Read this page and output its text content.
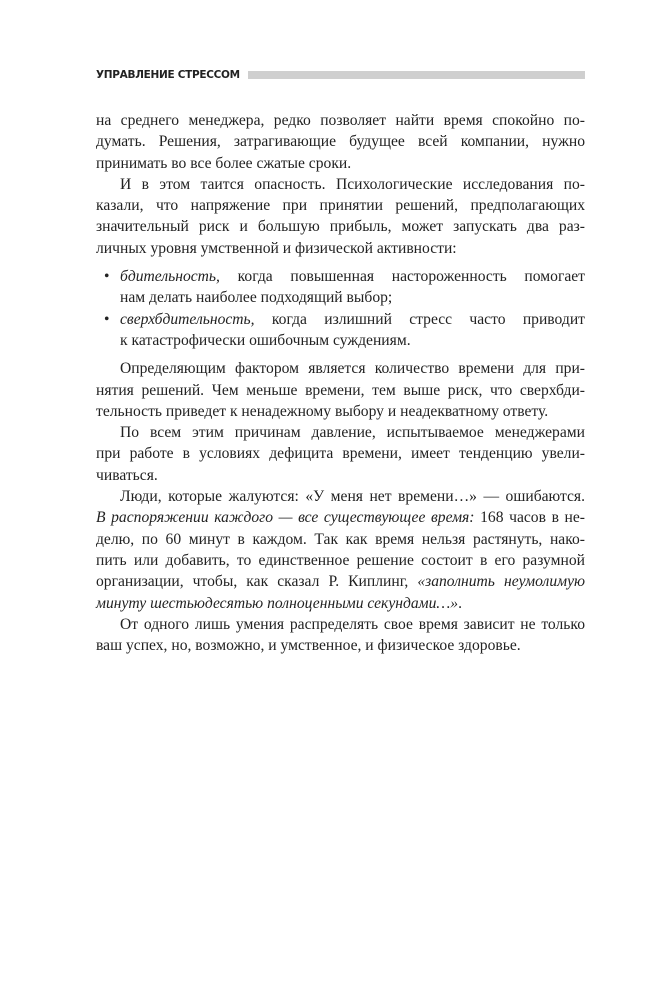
УПРАВЛЕНИЕ СТРЕССОМ
на среднего менеджера, редко позволяет найти время спокойно по-
думать. Решения, затрагивающие будущее всей компании, нужно
принимать во все более сжатые сроки.
И в этом таится опасность. Психологические исследования по-
казали, что напряжение при принятии решений, предполагающих
значительный риск и большую прибыль, может запускать два раз-
личных уровня умственной и физической активности:
• бдительность, когда повышенная настороженность помогает
нам делать наиболее подходящий выбор;
• сверхбдительность, когда излишний стресс часто приводит
к катастрофически ошибочным суждениям.
Определяющим фактором является количество времени для при-
нятия решений. Чем меньше времени, тем выше риск, что сверхбди-
тельность приведет к ненадежному выбору и неадекватному ответу.
По всем этим причинам давление, испытываемое менеджерами
при работе в условиях дефицита времени, имеет тенденцию увели-
чиваться.
Люди, которые жалуются: «У меня нет времени…» — ошибаются.
В распоряжении каждого — все существующее время: 168 часов в не-
делю, по 60 минут в каждом. Так как время нельзя растянуть, нако-
пить или добавить, то единственное решение состоит в его разумной
организации, чтобы, как сказал Р. Киплинг, «заполнить неумолимую
минуту шестьюдесятью полноценными секундами…».
От одного лишь умения распределять свое время зависит не только
ваш успех, но, возможно, и умственное, и физическое здоровье.
